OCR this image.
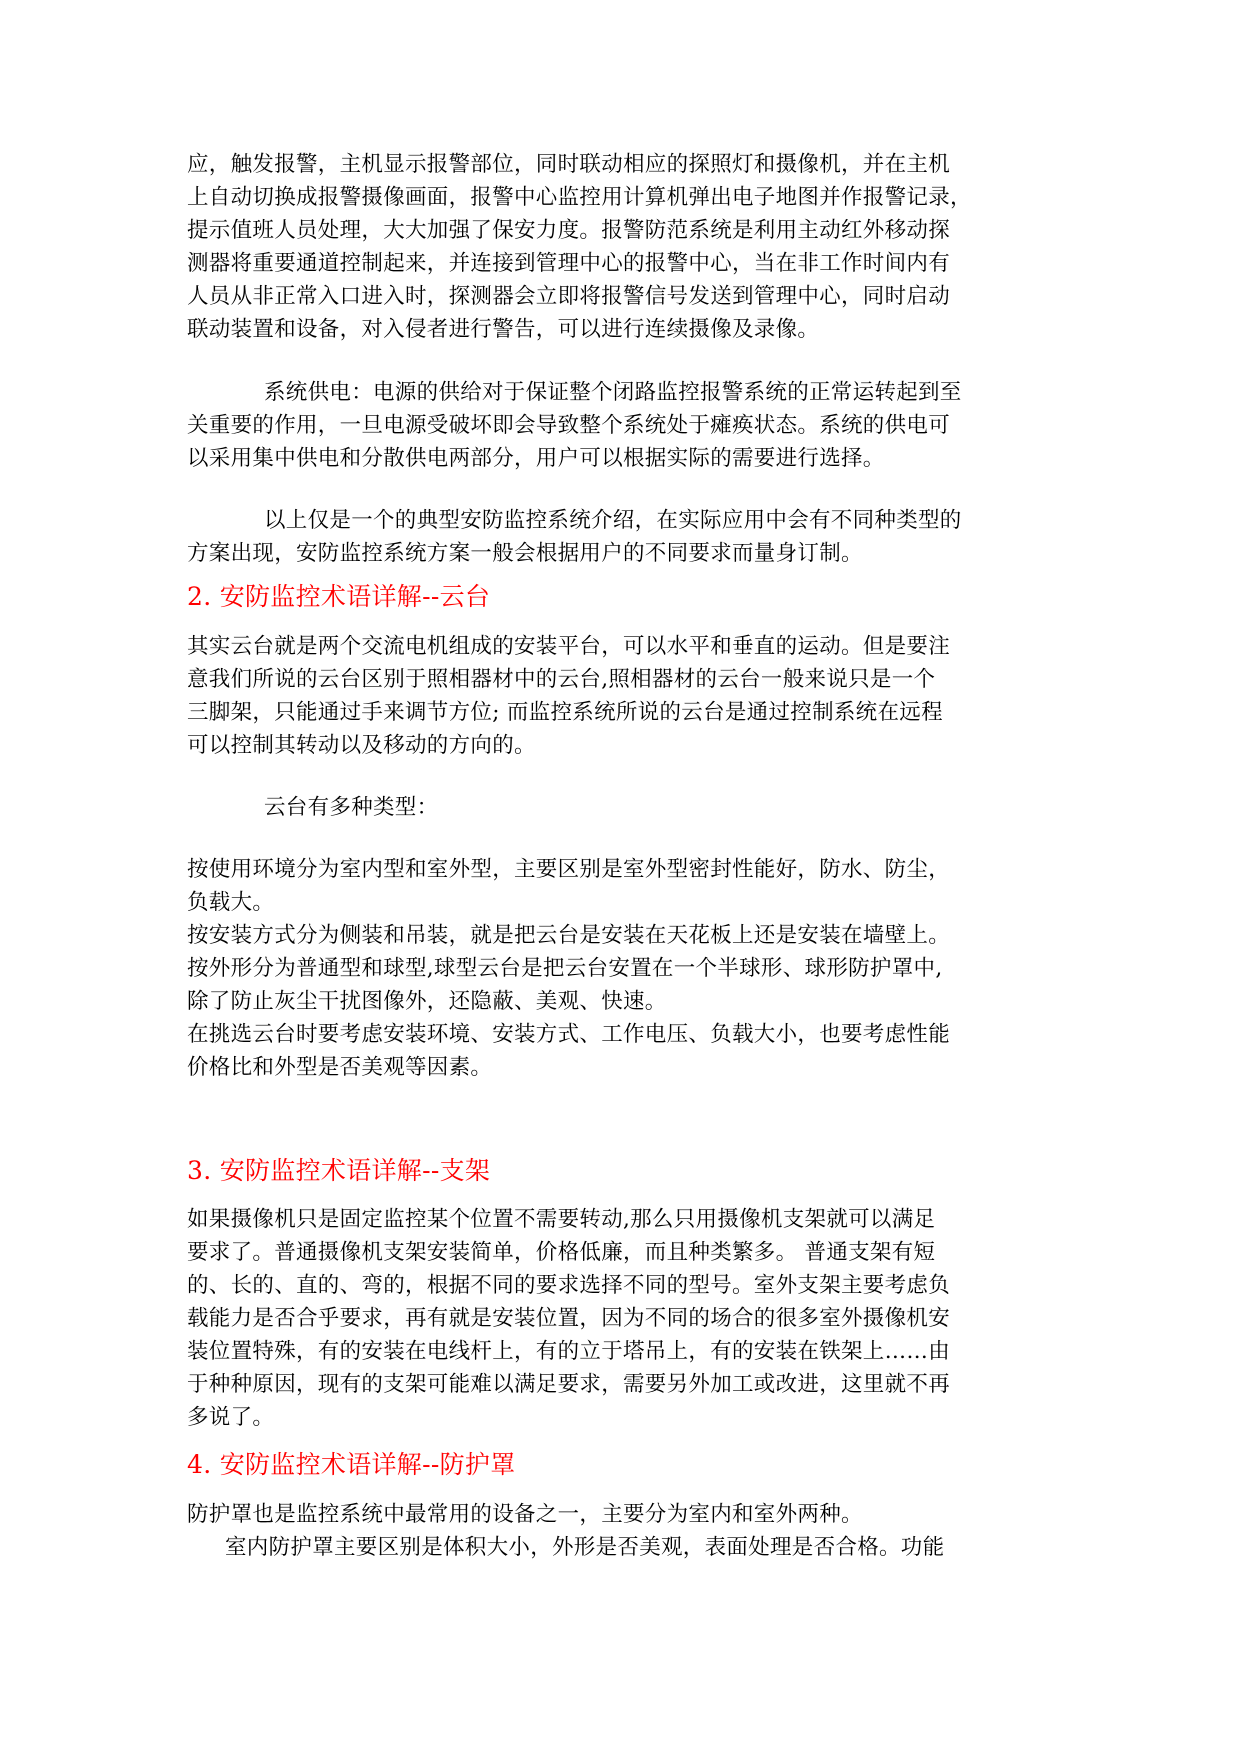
应，触发报警，主机显示报警部位，同时联动相应的探照灯和摄像机，并在主机
上自动切换成报警摄像画面，报警中心监控用计算机弹出电子地图并作报警记录，
提示值班人员处理，大大加强了保安力度。报警防范系统是利用主动红外移动探
测器将重要通道控制起来，并连接到管理中心的报警中心，当在非工作时间内有
人员从非正常入口进入时，探测器会立即将报警信号发送到管理中心，同时启动
联动装置和设备，对入侵者进行警告，可以进行连续摄像及录像。
系统供电：电源的供给对于保证整个闭路监控报警系统的正常运转起到至
关重要的作用，一旦电源受破坏即会导致整个系统处于瘫痪状态。系统的供电可
以采用集中供电和分散供电两部分，用户可以根据实际的需要进行选择。
以上仅是一个的典型安防监控系统介绍，在实际应用中会有不同种类型的
方案出现，安防监控系统方案一般会根据用户的不同要求而量身订制。
2. 安防监控术语详解--云台
其实云台就是两个交流电机组成的安装平台，可以水平和垂直的运动。但是要注
意我们所说的云台区别于照相器材中的云台,照相器材的云台一般来说只是一个
三脚架，只能通过手来调节方位; 而监控系统所说的云台是通过控制系统在远程
可以控制其转动以及移动的方向的。
云台有多种类型：
按使用环境分为室内型和室外型，主要区别是室外型密封性能好，防水、防尘，
负载大。
按安装方式分为侧装和吊装，就是把云台是安装在天花板上还是安装在墙壁上。
按外形分为普通型和球型,球型云台是把云台安置在一个半球形、球形防护罩中,
除了防止灰尘干扰图像外，还隐蔽、美观、快速。
在挑选云台时要考虑安装环境、安装方式、工作电压、负载大小，也要考虑性能
价格比和外型是否美观等因素。
3. 安防监控术语详解--支架
如果摄像机只是固定监控某个位置不需要转动,那么只用摄像机支架就可以满足
要求了。普通摄像机支架安装简单，价格低廉，而且种类繁多。 普通支架有短
的、长的、直的、弯的，根据不同的要求选择不同的型号。室外支架主要考虑负
载能力是否合乎要求，再有就是安装位置，因为不同的场合的很多室外摄像机安
装位置特殊，有的安装在电线杆上，有的立于塔吊上，有的安装在铁架上……由
于种种原因，现有的支架可能难以满足要求，需要另外加工或改进，这里就不再
多说了。
4. 安防监控术语详解--防护罩
防护罩也是监控系统中最常用的设备之一，主要分为室内和室外两种。
室内防护罩主要区别是体积大小，外形是否美观，表面处理是否合格。功能
